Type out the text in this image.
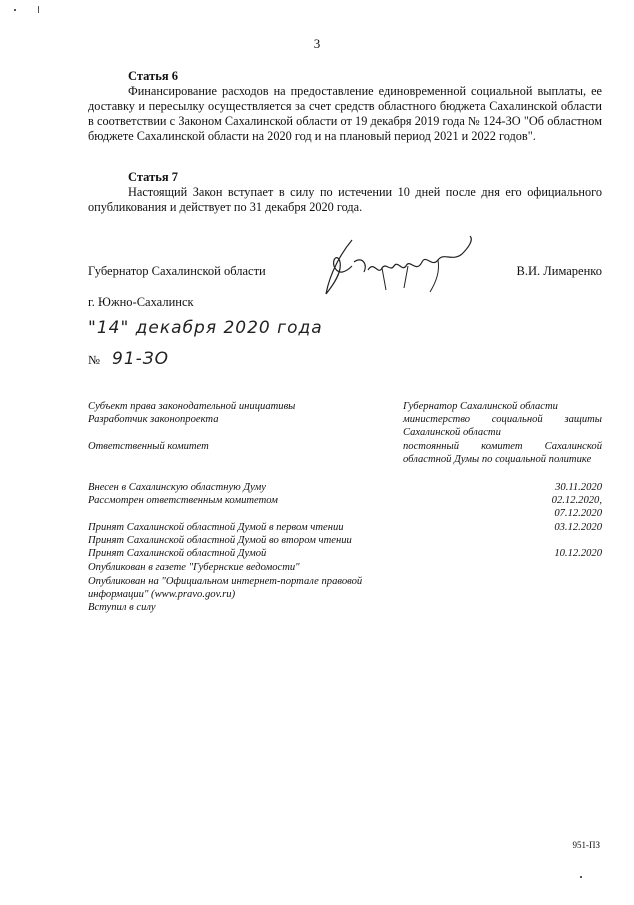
3
Статья 6

Финансирование расходов на предоставление единовременной социальной выплаты, ее доставку и пересылку осуществляется за счет средств областного бюджета Сахалинской области в соответствии с Законом Сахалинской области от 19 декабря 2019 года № 124-ЗО "Об областном бюджете Сахалинской области на 2020 год и на плановый период 2021 и 2022 годов".

Статья 7

Настоящий Закон вступает в силу по истечении 10 дней после дня его официального опубликования и действует по 31 декабря 2020 года.

Губернатор Сахалинской области	В.И. Лимаренко
г. Южно-Сахалинск
"14" декабря 2020 года
№ 91-ЗО
Субъект права законодательной инициативы	Губернатор Сахалинской области
Разработчик законопроекта	министерство социальной защиты Сахалинской области
Ответственный комитет	постоянный комитет Сахалинской областной Думы по социальной политике
Внесен в Сахалинскую областную Думу	30.11.2020
Рассмотрен ответственным комитетом	02.12.2020,
07.12.2020
Принят Сахалинской областной Думой в первом чтении	03.12.2020
Принят Сахалинской областной Думой во втором чтении
Принят Сахалинской областной Думой	10.12.2020
Опубликован в газете "Губернские ведомости"
Опубликован на "Официальном интернет-портале правовой информации" (www.pravo.gov.ru)
Вступил в силу
951-ПЗ
